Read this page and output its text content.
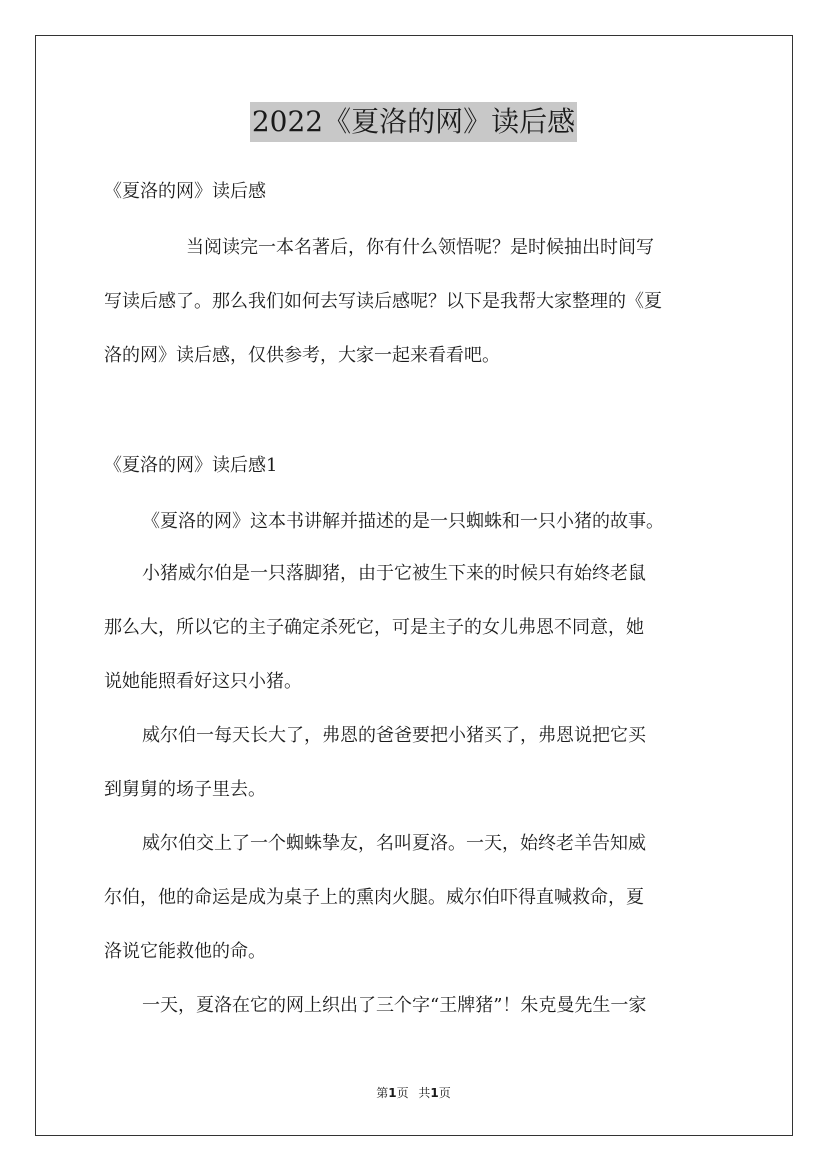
2022《夏洛的网》读后感
《夏洛的网》读后感
当阅读完一本名著后，你有什么领悟呢？是时候抽出时间写
写读后感了。那么我们如何去写读后感呢？以下是我帮大家整理的《夏
洛的网》读后感，仅供参考，大家一起来看看吧。
《夏洛的网》读后感1
《夏洛的网》这本书讲解并描述的是一只蜘蛛和一只小猪的故事。
小猪威尔伯是一只落脚猪，由于它被生下来的时候只有始终老鼠
那么大，所以它的主子确定杀死它，可是主子的女儿弗恩不同意，她
说她能照看好这只小猪。
威尔伯一每天长大了，弗恩的爸爸要把小猪买了，弗恩说把它买
到舅舅的场子里去。
威尔伯交上了一个蜘蛛挚友，名叫夏洛。一天，始终老羊告知威
尔伯，他的命运是成为桌子上的熏肉火腿。威尔伯吓得直喊救命，夏
洛说它能救他的命。
一天，夏洛在它的网上织出了三个字“王牌猪”！朱克曼先生一家
第1页 共1页
